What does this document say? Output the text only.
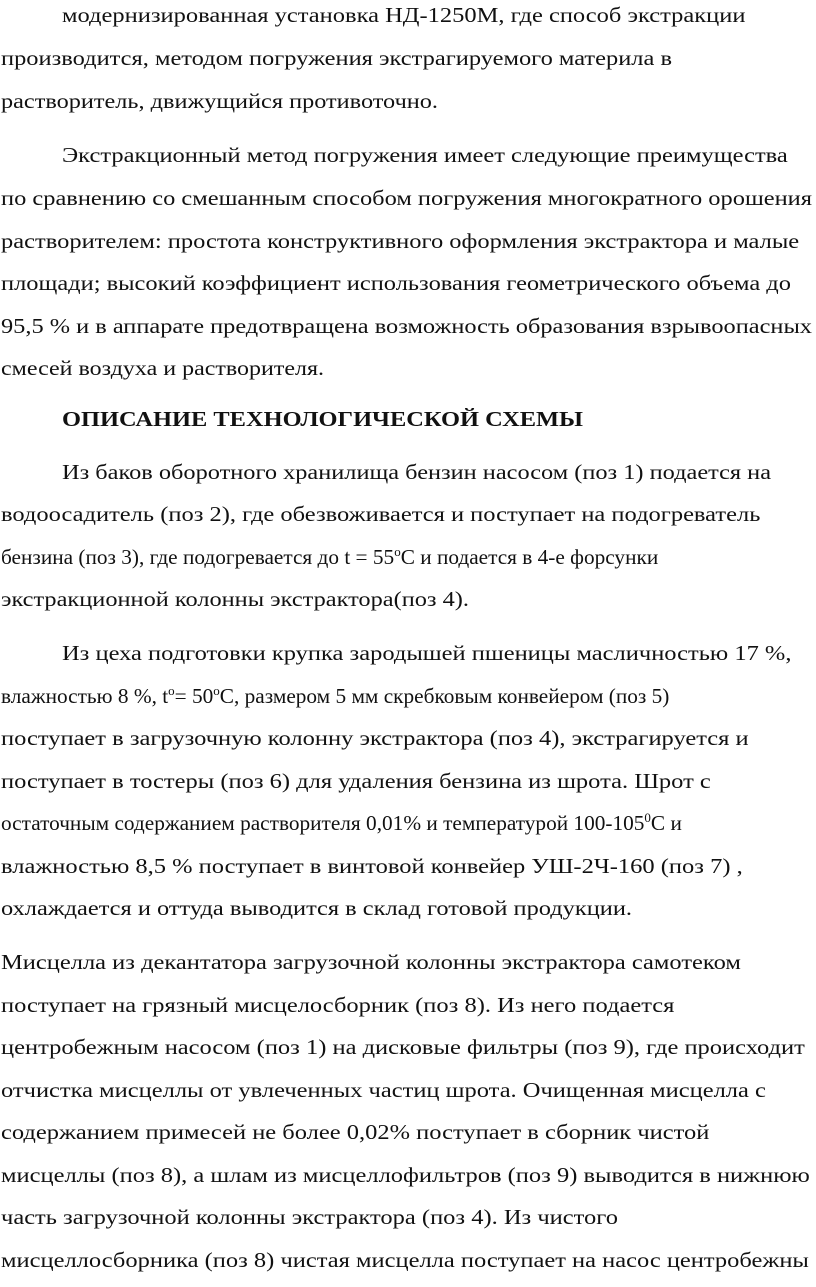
модернизированная установка НД-1250М, где способ экстракции
производится, методом погружения экстрагируемого материла в
растворитель, движущийся противоточно.
Экстракционный метод погружения имеет следующие преимущества
по сравнению со смешанным способом погружения многократного орошения
растворителем: простота конструктивного оформления экстрактора и малые
площади; высокий коэффициент использования геометрического объема до
95,5 % и в аппарате предотвращена возможность образования взрывоопасных
смесей воздуха и растворителя.
ОПИСАНИЕ ТЕХНОЛОГИЧЕСКОЙ СХЕМЫ
Из баков оборотного хранилища бензин насосом (поз 1) подается на
водоосадитель (поз 2), где обезвоживается и поступает на подогреватель
бензина (поз 3), где подогревается до $t = 55^оС$ и подается в 4-е форсунки
экстракционной колонны экстрактора(поз 4).
Из цеха подготовки крупка зародышей пшеницы масличностью 17 %,
влажностью 8 %, $t^о= 50^оС$, размером 5 мм скребковым конвейером (поз 5)
поступает в загрузочную колонну экстрактора (поз 4), экстрагируется и
поступает в тостеры (поз 6) для удаления бензина из шрота. Шрот с
остаточным содержанием растворителя 0,01% и температурой $100-105^0С$ и
влажностью 8,5 % поступает в винтовой конвейер УШ-2Ч-160 (поз 7) ,
охлаждается и оттуда выводится в склад готовой продукции.
Мисцелла из декантатора загрузочной колонны экстрактора самотеком
поступает на грязный мисцелосборник (поз 8). Из него подается
центробежным насосом (поз 1) на дисковые фильтры (поз 9), где происходит
отчистка мисцеллы от увлеченных частиц шрота. Очищенная мисцелла с
содержанием примесей не более 0,02% поступает в сборник чистой
мисцеллы (поз 8), а шлам из мисцеллофильтров (поз 9) выводится в нижнюю
часть загрузочной колонны экстрактора (поз 4). Из чистого
мисцеллосборника (поз 8) чистая мисцелла поступает на насос центробежны
